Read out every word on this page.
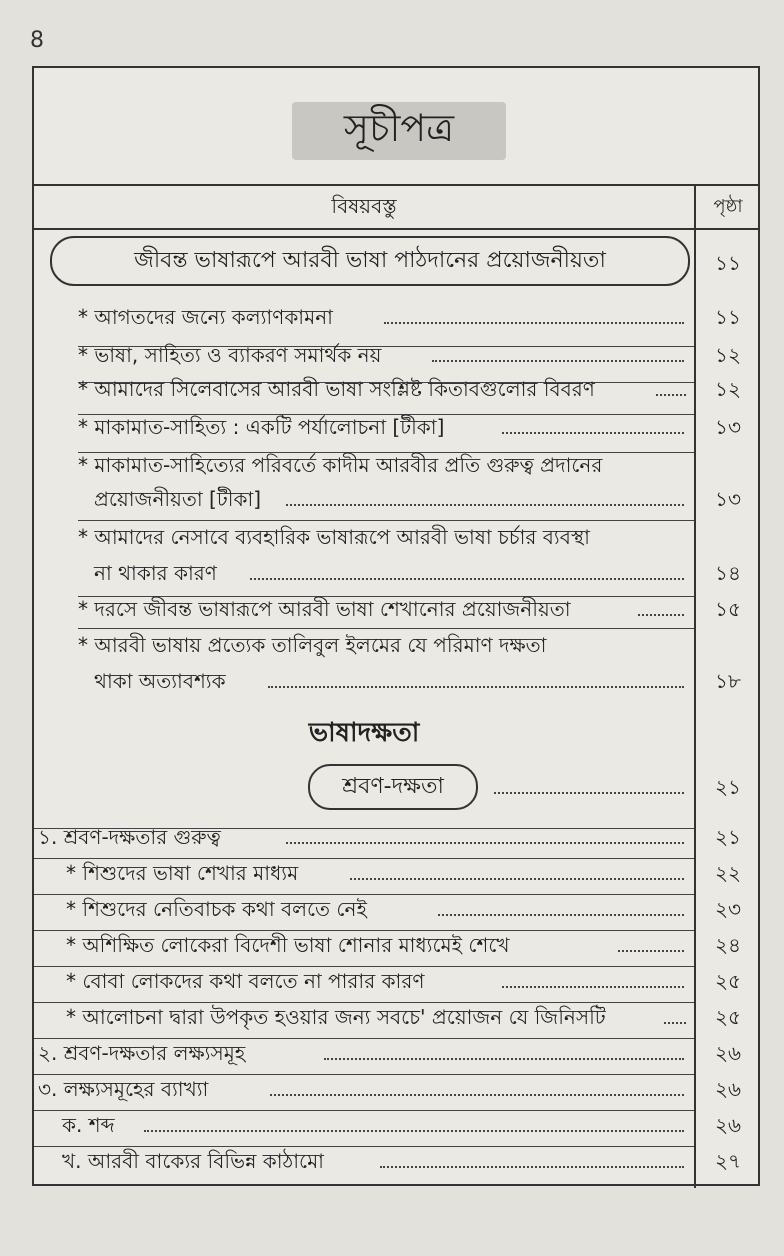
8
সূচীপত্র
বিষয়বস্তু	পৃষ্ঠা
জীবন্ত ভাষারূপে আরবী ভাষা পাঠদানের প্রয়োজনীয়তা	১১
* আগতদের জন্যে কল্যাণকামনা	১১
* ভাষা, সাহিত্য ও ব্যাকরণ সমার্থক নয়	১২
* আমাদের সিলেবাসের আরবী ভাষা সংশ্লিষ্ট কিতাবগুলোর বিবরণ	১২
* মাকামাত-সাহিত্য : একটি পর্যালোচনা [টীকা]	১৩
* মাকামাত-সাহিত্যের পরিবর্তে কাদীম আরবীর প্রতি গুরুত্ব প্রদানের
প্রয়োজনীয়তা [টীকা]	১৩
* আমাদের নেসাবে ব্যবহারিক ভাষারূপে আরবী ভাষা চর্চার ব্যবস্থা
না থাকার কারণ	১৪
* দরসে জীবন্ত ভাষারূপে আরবী ভাষা শেখানোর প্রয়োজনীয়তা	১৫
* আরবী ভাষায় প্রত্যেক তালিবুল ইলমের যে পরিমাণ দক্ষতা
থাকা অত্যাবশ্যক	১৮
ভাষাদক্ষতা
শ্রবণ-দক্ষতা	২১
১. শ্রবণ-দক্ষতার গুরুত্ব	২১
* শিশুদের ভাষা শেখার মাধ্যম	২২
* শিশুদের নেতিবাচক কথা বলতে নেই	২৩
* অশিক্ষিত লোকেরা বিদেশী ভাষা শোনার মাধ্যমেই শেখে	২৪
* বোবা লোকদের কথা বলতে না পারার কারণ	২৫
* আলোচনা দ্বারা উপকৃত হওয়ার জন্য সবচে' প্রয়োজন যে জিনিসটি	২৫
২. শ্রবণ-দক্ষতার লক্ষ্যসমূহ	২৬
৩. লক্ষ্যসমূহের ব্যাখ্যা	২৬
ক. শব্দ	২৬
খ. আরবী বাক্যের বিভিন্ন কাঠামো	২৭
